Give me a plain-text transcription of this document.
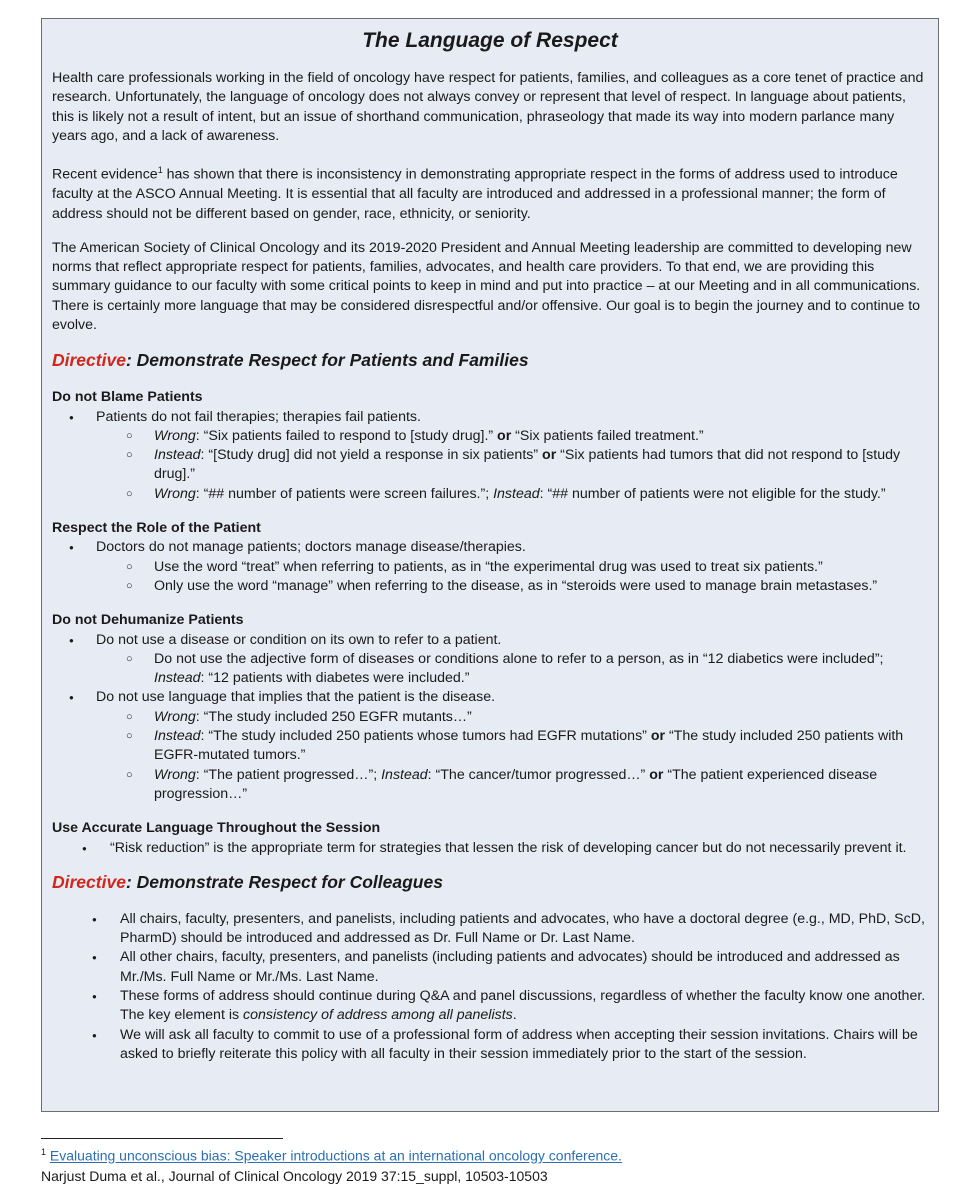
The Language of Respect

Health care professionals working in the field of oncology have respect for patients, families, and colleagues as a core tenet of practice and research. Unfortunately, the language of oncology does not always convey or represent that level of respect. In language about patients, this is likely not a result of intent, but an issue of shorthand communication, phraseology that made its way into modern parlance many years ago, and a lack of awareness.

Recent evidence$^1$ has shown that there is inconsistency in demonstrating appropriate respect in the forms of address used to introduce faculty at the ASCO Annual Meeting. It is essential that all faculty are introduced and addressed in a professional manner; the form of address should not be different based on gender, race, ethnicity, or seniority.

The American Society of Clinical Oncology and its 2019-2020 President and Annual Meeting leadership are committed to developing new norms that reflect appropriate respect for patients, families, advocates, and health care providers. To that end, we are providing this summary guidance to our faculty with some critical points to keep in mind and put into practice – at our Meeting and in all communications. There is certainly more language that may be considered disrespectful and/or offensive. Our goal is to begin the journey and to continue to evolve.

Directive: Demonstrate Respect for Patients and Families
Do not Blame Patients
● Patients do not fail therapies; therapies fail patients.
○ Wrong: “Six patients failed to respond to [study drug].” or “Six patients failed treatment.”
○ Instead: “[Study drug] did not yield a response in six patients” or “Six patients had tumors that did not respond to [study drug].”
○ Wrong: “## number of patients were screen failures.”; Instead: “## number of patients were not eligible for the study.”
Respect the Role of the Patient
● Doctors do not manage patients; doctors manage disease/therapies.
○ Use the word “treat” when referring to patients, as in “the experimental drug was used to treat six patients.”
○ Only use the word “manage” when referring to the disease, as in “steroids were used to manage brain metastases.”
Do not Dehumanize Patients
● Do not use a disease or condition on its own to refer to a patient.
○ Do not use the adjective form of diseases or conditions alone to refer to a person, as in “12 diabetics were included”; Instead: “12 patients with diabetes were included.”
● Do not use language that implies that the patient is the disease.
○ Wrong: “The study included 250 EGFR mutants…”
○ Instead: “The study included 250 patients whose tumors had EGFR mutations” or “The study included 250 patients with EGFR-mutated tumors.”
○ Wrong: “The patient progressed…”; Instead: “The cancer/tumor progressed…” or “The patient experienced disease progression…”
Use Accurate Language Throughout the Session
● “Risk reduction” is the appropriate term for strategies that lessen the risk of developing cancer but do not necessarily prevent it.
Directive: Demonstrate Respect for Colleagues
● All chairs, faculty, presenters, and panelists, including patients and advocates, who have a doctoral degree (e.g., MD, PhD, ScD, PharmD) should be introduced and addressed as Dr. Full Name or Dr. Last Name.
● All other chairs, faculty, presenters, and panelists (including patients and advocates) should be introduced and addressed as Mr./Ms. Full Name or Mr./Ms. Last Name.
● These forms of address should continue during Q&A and panel discussions, regardless of whether the faculty know one another. The key element is consistency of address among all panelists.
● We will ask all faculty to commit to use of a professional form of address when accepting their session invitations. Chairs will be asked to briefly reiterate this policy with all faculty in their session immediately prior to the start of the session.
$^1$ Evaluating unconscious bias: Speaker introductions at an international oncology conference.
Narjust Duma et al., Journal of Clinical Oncology 2019 37:15_suppl, 10503-10503
